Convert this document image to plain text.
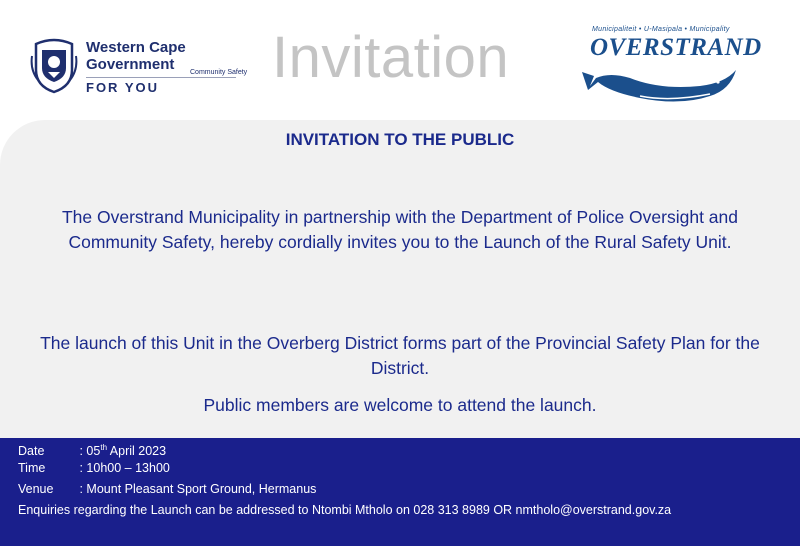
Western Cape
Government	Community Safety
FOR YOU Invitation	Municipaliteit • U-Masipala • Municipality
OVERSTRAND
INVITATION TO THE PUBLIC
The Overstrand Municipality in partnership with the Department of Police Oversight and Community Safety, hereby cordially invites you to the Launch of the Rural Safety Unit.
The launch of this Unit in the Overberg District forms part of the Provincial Safety Plan for the District.
Public members are welcome to attend the launch.
Date	: 05th April 2023
Time	: 10h00 – 13h00
Venue : Mount Pleasant Sport Ground, Hermanus
Enquiries regarding the Launch can be addressed to Ntombi Mtholo on 028 313 8989 OR nmtholo@overstrand.gov.za
